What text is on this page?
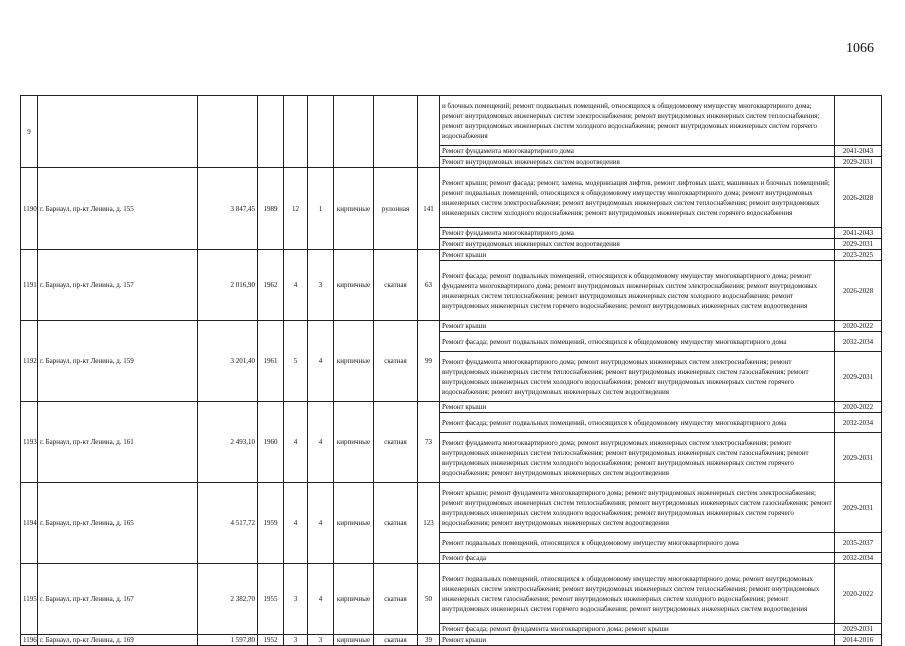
1066
9									и блочных помещений; ремонт подвальных помещений, относящихся к общедомовому имуществу многоквартирного дома; ремонт внутридомовых инженерных систем электроснабжения; ремонт внутридомовых инженерных систем теплоснабжения; ремонт внутридомовых инженерных систем холодного водоснабжения; ремонт внутридомовых инженерных систем горячего водоснабжения	
									Ремонт фундамента многоквартирного дома	2041-2043
									Ремонт внутридомовых инженерных систем водоотведения	2029-2031
1190	г. Барнаул, пр-кт Ленина, д. 155	3 847,45	1989	12	1	кирпичные	рулонная	141	Ремонт крыши; ремонт фасада; ремонт, замена, модернизация лифтов, ремонт лифтовых шахт, машинных и блочных помещений; ремонт подвальных помещений, относящихся к общедомовому имуществу многоквартирного дома; ремонт внутридомовых инженерных систем электроснабжения; ремонт внутридомовых инженерных систем теплоснабжения; ремонт внутридомовых инженерных систем холодного водоснабжения; ремонт внутридомовых инженерных систем горячего водоснабжения	2026-2028
									Ремонт фундамента многоквартирного дома	2041-2043
									Ремонт внутридомовых инженерных систем водоотведения	2029-2031
1191	г. Барнаул, пр-кт Ленина, д. 157	2 016,90	1962	4	3	кирпичные	скатная	63	Ремонт крыши	2023-2025
									Ремонт фасада; ремонт подвальных помещений, относящихся к общедомовому имуществу многоквартирного дома; ремонт фундамента многоквартирного дома; ремонт внутридомовых инженерных систем электроснабжения; ремонт внутридомовых инженерных систем теплоснабжения; ремонт внутридомовых инженерных систем холодного водоснабжения; ремонт внутридомовых инженерных систем горячего водоснабжения; ремонт внутридомовых инженерных систем водоотведения	2026-2028
1192	г. Барнаул, пр-кт Ленина, д. 159	3 201,40	1961	5	4	кирпичные	скатная	99	Ремонт крыши	2020-2022
									Ремонт фасада; ремонт подвальных помещений, относящихся к общедомовому имуществу многоквартирного дома	2032-2034
									Ремонт фундамента многоквартирного дома; ремонт внутридомовых инженерных систем электроснабжения; ремонт внутридомовых инженерных систем теплоснабжения; ремонт внутридомовых инженерных систем газоснабжения; ремонт внутридомовых инженерных систем холодного водоснабжения; ремонт внутридомовых инженерных систем горячего водоснабжения; ремонт внутридомовых инженерных систем водоотведения	2029-2031
1193	г. Барнаул, пр-кт Ленина, д. 161	2 493,10	1960	4	4	кирпичные	скатная	73	Ремонт крыши	2020-2022
									Ремонт фасада; ремонт подвальных помещений, относящихся к общедомовому имуществу многоквартирного дома	2032-2034
									Ремонт фундамента многоквартирного дома; ремонт внутридомовых инженерных систем электроснабжения; ремонт внутридомовых инженерных систем теплоснабжения; ремонт внутридомовых инженерных систем газоснабжения; ремонт внутридомовых инженерных систем холодного водоснабжения; ремонт внутридомовых инженерных систем горячего водоснабжения; ремонт внутридомовых инженерных систем водоотведения	2029-2031
1194	г. Барнаул, пр-кт Ленина, д. 165	4 517,72	1959	4	4	кирпичные	скатная	123	Ремонт крыши; ремонт фундамента многоквартирного дома; ремонт внутридомовых инженерных систем электроснабжения; ремонт внутридомовых инженерных систем теплоснабжения; ремонт внутридомовых инженерных систем газоснабжения; ремонт внутридомовых инженерных систем холодного водоснабжения; ремонт внутридомовых инженерных систем горячего водоснабжения; ремонт внутридомовых инженерных систем водоотведения	2029-2031
									Ремонт подвальных помещений, относящихся к общедомовому имуществу многоквартирного дома	2035-2037
									Ремонт фасада	2032-2034
1195	г. Барнаул, пр-кт Ленина, д. 167	2 382,70	1955	3	4	кирпичные	скатная	50	Ремонт подвальных помещений, относящихся к общедомовому имуществу многоквартирного дома; ремонт внутридомовых инженерных систем электроснабжения; ремонт внутридомовых инженерных систем теплоснабжения; ремонт внутридомовых инженерных систем газоснабжения; ремонт внутридомовых инженерных систем холодного водоснабжения; ремонт внутридомовых инженерных систем горячего водоснабжения; ремонт внутридомовых инженерных систем водоотведения	2020-2022
									Ремонт фасада; ремонт фундамента многоквартирного дома; ремонт крыши	2029-2031
1196	г. Барнаул, пр-кт Ленина, д. 169	1 597,80	1952	3	3	кирпичные	скатная	39	Ремонт крыши	2014-2016
